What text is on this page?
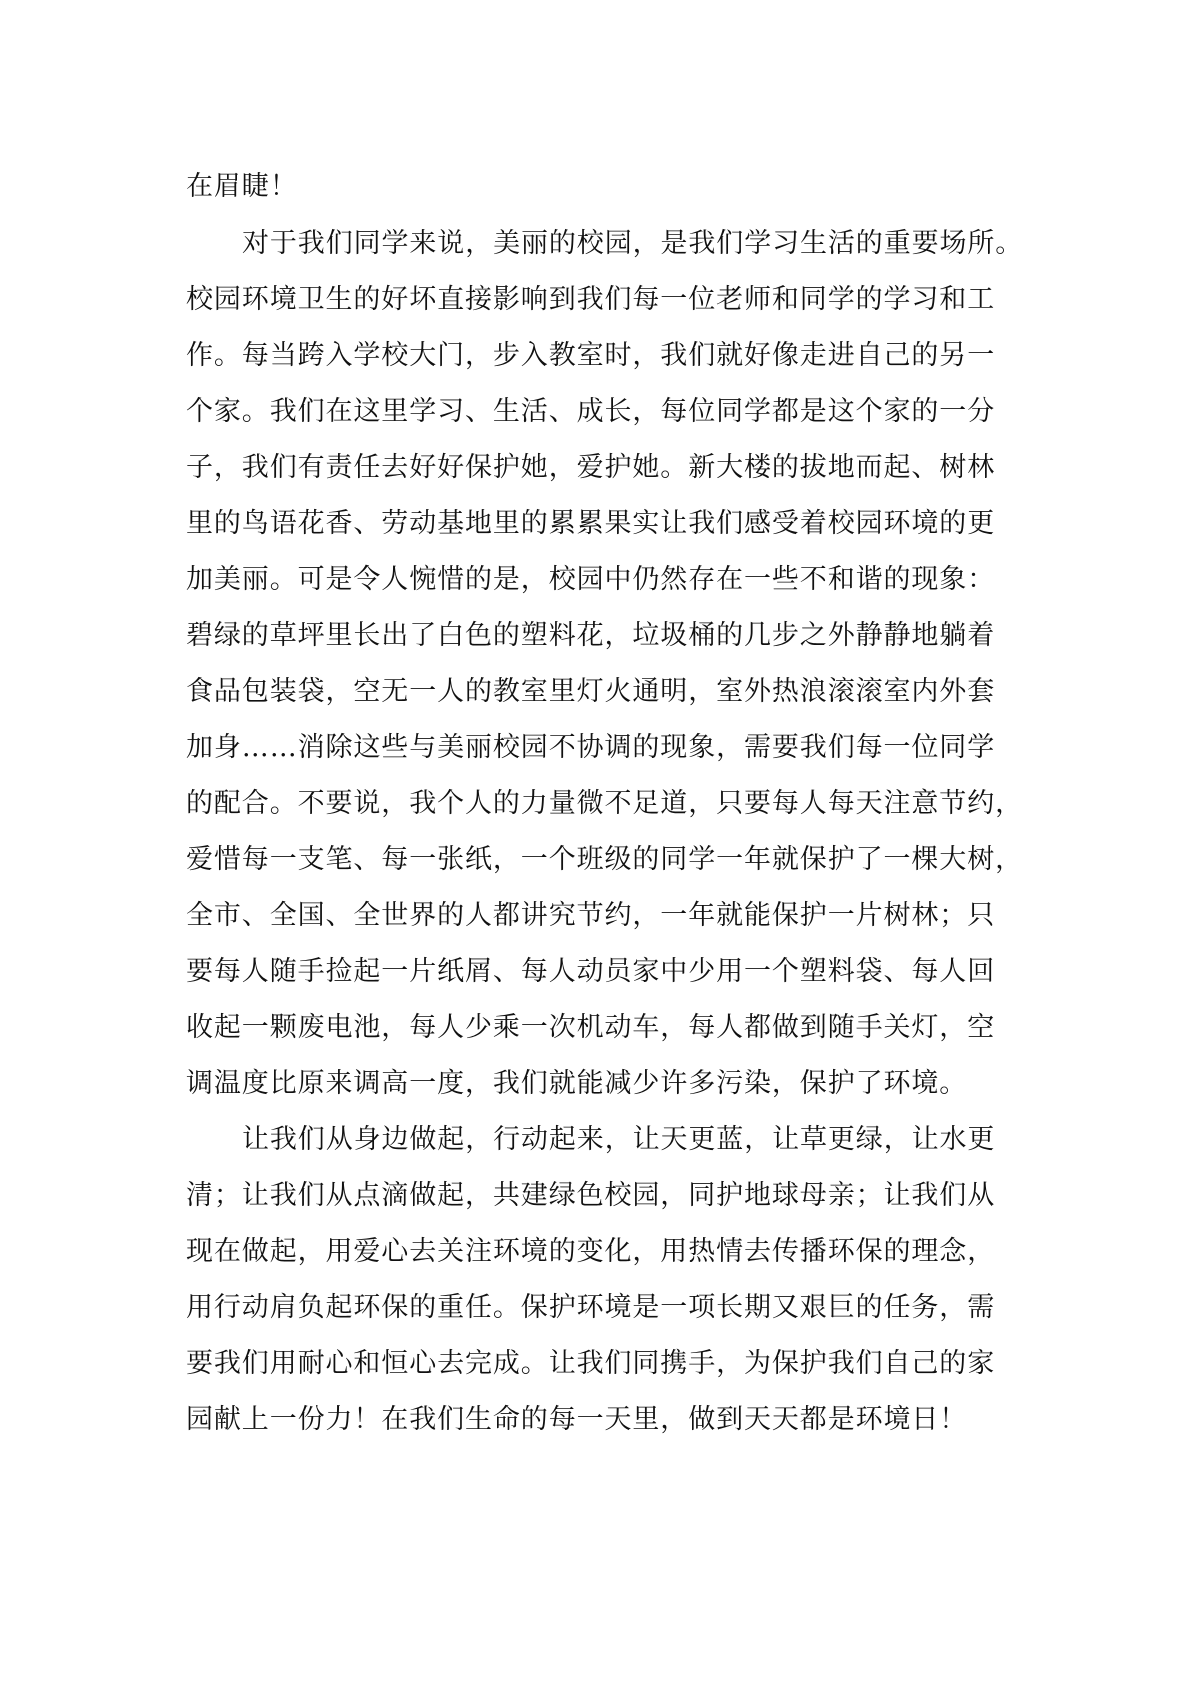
在眉睫！
对于我们同学来说，美丽的校园，是我们学习生活的重要场所。
校园环境卫生的好坏直接影响到我们每一位老师和同学的学习和工
作。每当跨入学校大门，步入教室时，我们就好像走进自己的另一
个家。我们在这里学习、生活、成长，每位同学都是这个家的一分
子，我们有责任去好好保护她，爱护她。新大楼的拔地而起、树林
里的鸟语花香、劳动基地里的累累果实让我们感受着校园环境的更
加美丽。可是令人惋惜的是，校园中仍然存在一些不和谐的现象：
碧绿的草坪里长出了白色的塑料花，垃圾桶的几步之外静静地躺着
食品包装袋，空无一人的教室里灯火通明，室外热浪滚滚室内外套
加身……消除这些与美丽校园不协调的现象，需要我们每一位同学
的配合。不要说，我个人的力量微不足道，只要每人每天注意节约，
爱惜每一支笔、每一张纸，一个班级的同学一年就保护了一棵大树，
全市、全国、全世界的人都讲究节约，一年就能保护一片树林；只
要每人随手捡起一片纸屑、每人动员家中少用一个塑料袋、每人回
收起一颗废电池，每人少乘一次机动车，每人都做到随手关灯，空
调温度比原来调高一度，我们就能减少许多污染，保护了环境。
让我们从身边做起，行动起来，让天更蓝，让草更绿，让水更
清；让我们从点滴做起，共建绿色校园，同护地球母亲；让我们从
现在做起，用爱心去关注环境的变化，用热情去传播环保的理念，
用行动肩负起环保的重任。保护环境是一项长期又艰巨的任务，需
要我们用耐心和恒心去完成。让我们同携手，为保护我们自己的家
园献上一份力！在我们生命的每一天里，做到天天都是环境日！
